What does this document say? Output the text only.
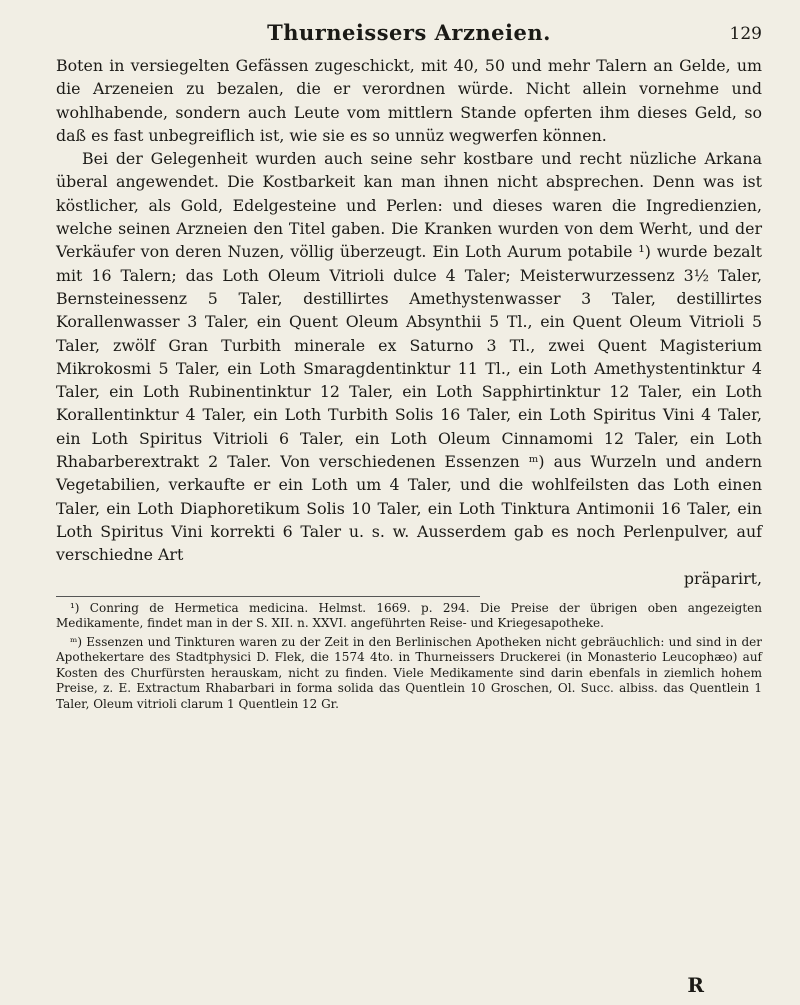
Thurneissers Arzneien.	129

Boten in versiegelten Gefässen zugeschickt, mit 40, 50 und mehr Talern an Gelde, um die Arzeneien zu bezalen, die er verordnen würde. Nicht allein vornehme und wohlhabende, sondern auch Leute vom mittlern Stande opferten ihm dieses Geld, so daß es fast unbegreiflich ist, wie sie es so unnüz wegwerfen können.

Bei der Gelegenheit wurden auch seine sehr kostbare und recht nüzliche Arkana überal angewendet. Die Kostbarkeit kan man ihnen nicht absprechen. Denn was ist köstlicher, als Gold, Edelgesteine und Perlen: und dieses waren die Ingredienzien, welche seinen Arzneien den Titel gaben. Die Kranken wurden von dem Werht, und der Verkäufer von deren Nuzen, völlig überzeugt. Ein Loth Aurum potabile ¹) wurde bezalt mit 16 Talern; das Loth Oleum Vitrioli dulce 4 Taler; Meisterwurzessenz 3½ Taler, Bernsteinessenz 5 Taler, destillirtes Amethystenwasser 3 Taler, destillirtes Korallenwasser 3 Taler, ein Quent Oleum Absynthii 5 Tl., ein Quent Oleum Vitrioli 5 Taler, zwölf Gran Turbith minerale ex Saturno 3 Tl., zwei Quent Magisterium Mikrokosmi 5 Taler, ein Loth Smaragdentinktur 11 Tl., ein Loth Amethystentinktur 4 Taler, ein Loth Rubinentinktur 12 Taler, ein Loth Sapphirtinktur 12 Taler, ein Loth Korallentinktur 4 Taler, ein Loth Turbith Solis 16 Taler, ein Loth Spiritus Vini 4 Taler, ein Loth Spiritus Vitrioli 6 Taler, ein Loth Oleum Cinnamomi 12 Taler, ein Loth Rhabarberextrakt 2 Taler. Von verschiedenen Essenzen ᵐ) aus Wurzeln und andern Vegetabilien, verkaufte er ein Loth um 4 Taler, und die wohlfeilsten das Loth einen Taler, ein Loth Diaphoretikum Solis 10 Taler, ein Loth Tinktura Antimonii 16 Taler, ein Loth Spiritus Vini korrekti 6 Taler u. s. w. Ausserdem gab es noch Perlenpulver, auf verschiedne Art

präparirt,

¹) Conring de Hermetica medicina. Helmst. 1669. p. 294. Die Preise der übrigen oben angezeigten Medikamente, findet man in der S. XII. n. XXVI. angeführten Reise- und Kriegesapotheke.

ᵐ) Essenzen und Tinkturen waren zu der Zeit in den Berlinischen Apotheken nicht gebräuchlich: und sind in der Apothekertare des Stadtphysici D. Flek, die 1574 4to. in Thurneissers Druckerei (in Monasterio Leucophæo) auf Kosten des Churfürsten herauskam, nicht zu finden. Viele Medikamente sind darin ebenfals in ziemlich hohem Preise, z. E. Extractum Rhabarbari in forma solida das Quentlein 10 Groschen, Ol. Succ. albiss. das Quentlein 1 Taler, Oleum vitrioli clarum 1 Quentlein 12 Gr.

R
